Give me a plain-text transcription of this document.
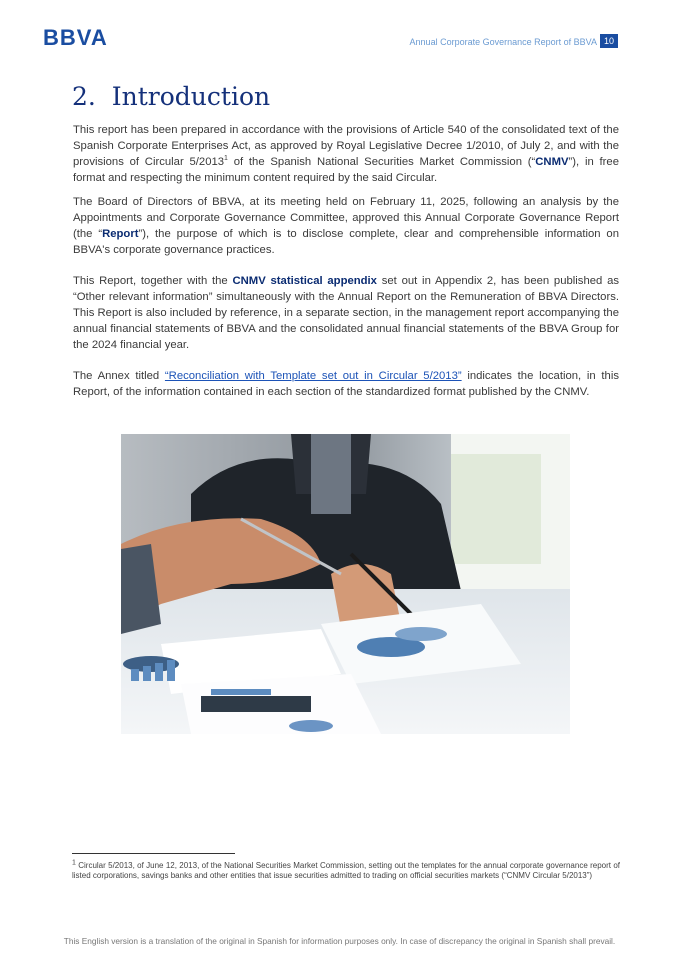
BBVA	Annual Corporate Governance Report of BBVA 10
2. Introduction

This report has been prepared in accordance with the provisions of Article 540 of the consolidated text of the Spanish Corporate Enterprises Act, as approved by Royal Legislative Decree 1/2010, of July 2, and with the provisions of Circular 5/2013$^1$ of the Spanish National Securities Market Commission (“CNMV”), in free format and respecting the minimum content required by the said Circular.

The Board of Directors of BBVA, at its meeting held on February 11, 2025, following an analysis by the Appointments and Corporate Governance Committee, approved this Annual Corporate Governance Report (the “Report”), the purpose of which is to disclose complete, clear and comprehensible information on BBVA's corporate governance practices.

This Report, together with the CNMV statistical appendix set out in Appendix 2, has been published as “Other relevant information” simultaneously with the Annual Report on the Remuneration of BBVA Directors. This Report is also included by reference, in a separate section, in the management report accompanying the annual financial statements of BBVA and the consolidated annual financial statements of the BBVA Group for the 2024 financial year.

The Annex titled “Reconciliation with Template set out in Circular 5/2013” indicates the location, in this Report, of the information contained in each section of the standardized format published by the CNMV.

$^1$ Circular 5/2013, of June 12, 2013, of the National Securities Market Commission, setting out the templates for the annual corporate governance report of listed corporations, savings banks and other entities that issue securities admitted to trading on official securities markets (“CNMV Circular 5/2013”)
This English version is a translation of the original in Spanish for information purposes only. In case of discrepancy the original in Spanish shall prevail.
